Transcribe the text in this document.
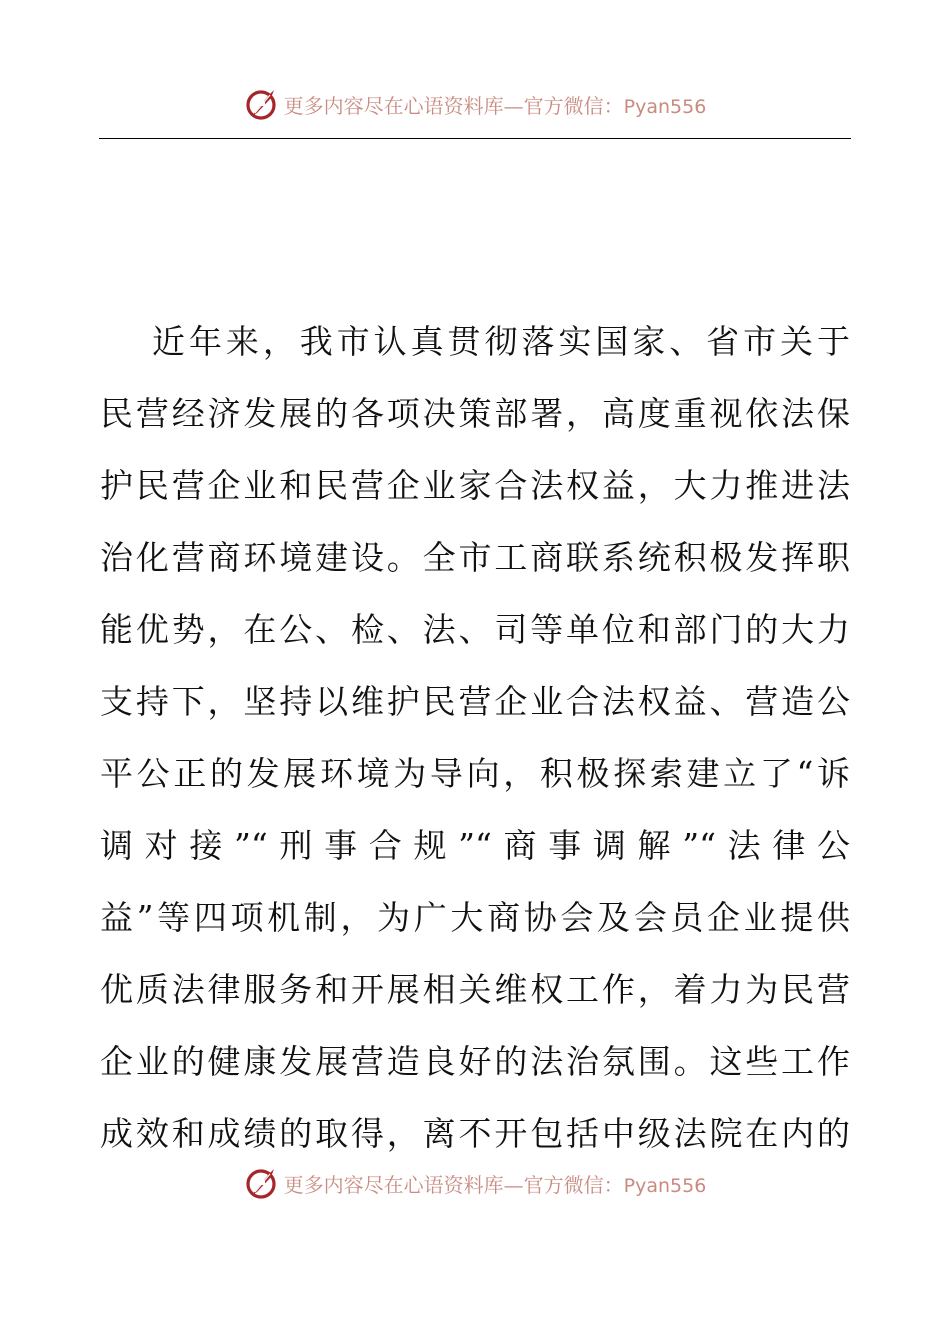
更多内容尽在心语资料库—官方微信：Pyan556
近年来，我市认真贯彻落实国家、省市关于
民营经济发展的各项决策部署，高度重视依法保
护民营企业和民营企业家合法权益，大力推进法
治化营商环境建设。全市工商联系统积极发挥职
能优势，在公、检、法、司等单位和部门的大力
支持下，坚持以维护民营企业合法权益、营造公
平公正的发展环境为导向，积极探索建立了“诉
调对接”“刑事合规”“商事调解”“法律公
益”等四项机制，为广大商协会及会员企业提供
优质法律服务和开展相关维权工作，着力为民营
企业的健康发展营造良好的法治氛围。这些工作
成效和成绩的取得，离不开包括中级法院在内的
更多内容尽在心语资料库—官方微信：Pyan556
